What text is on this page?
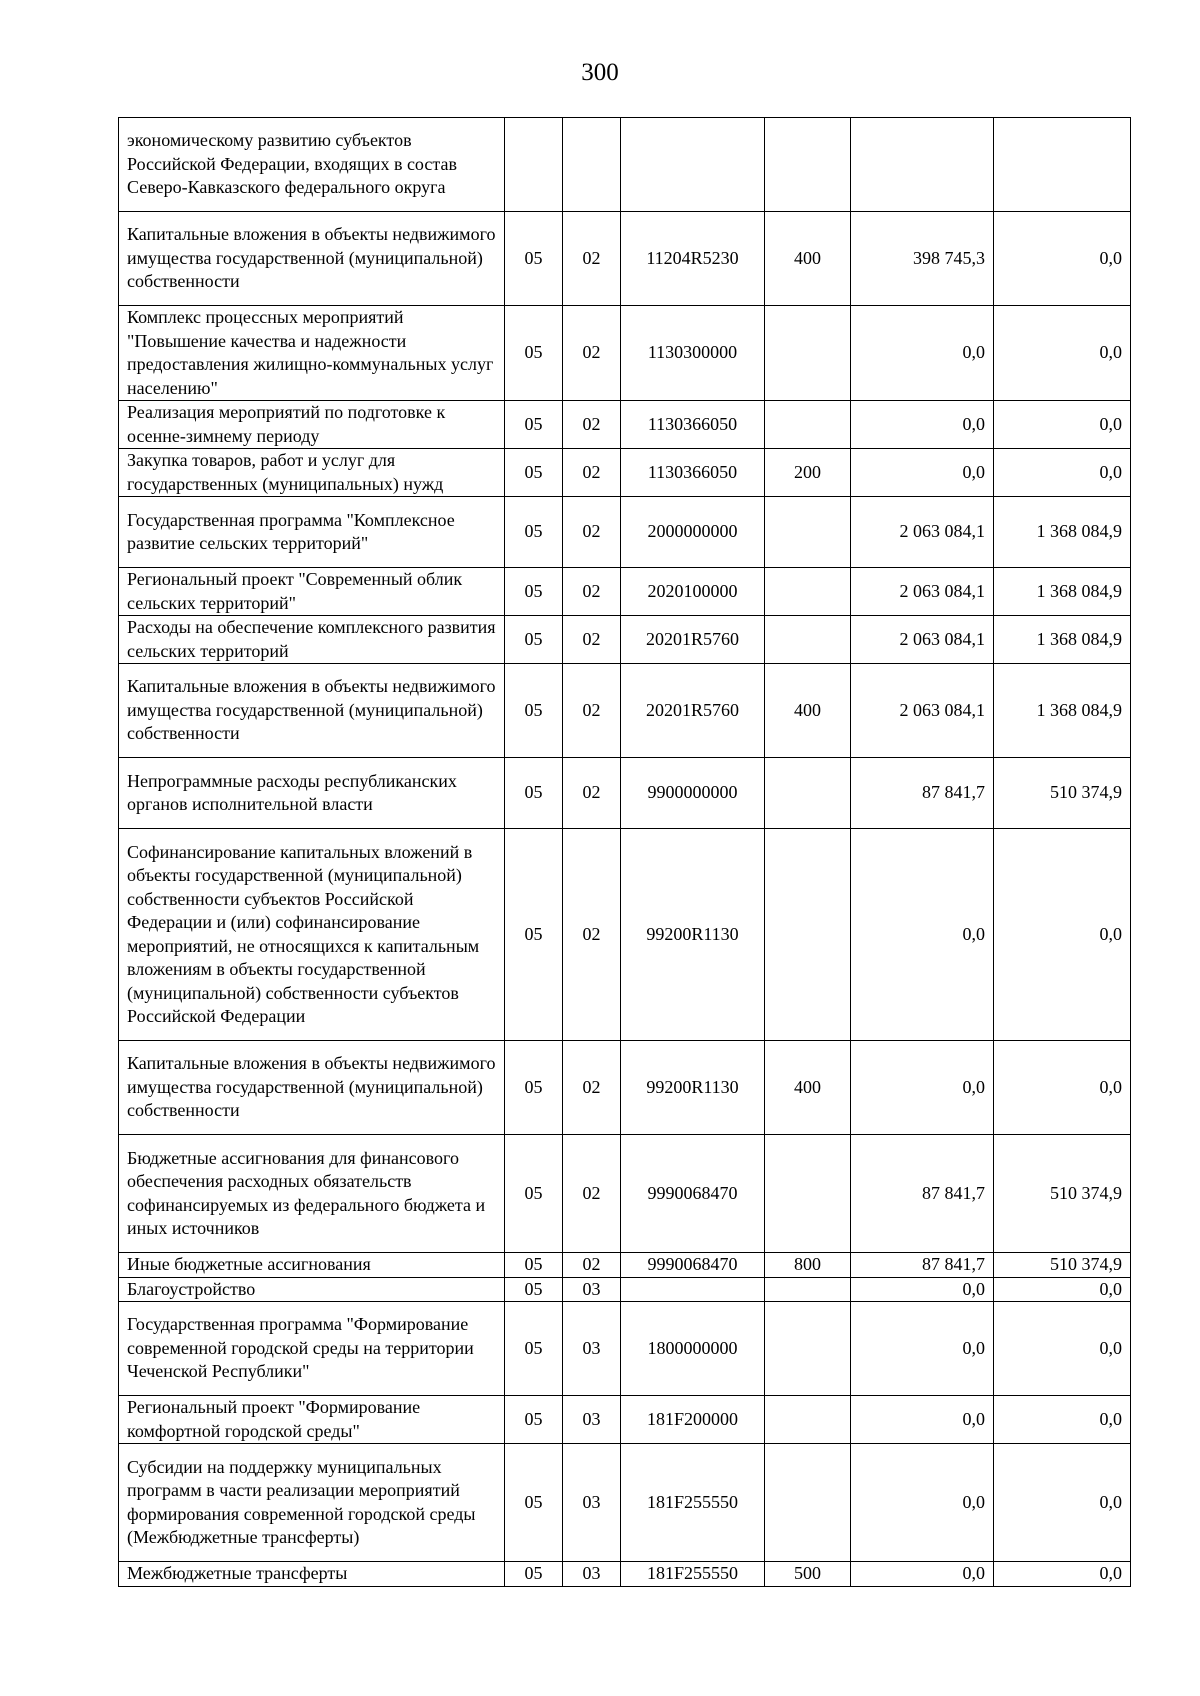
300
экономическому развитию субъектов Российской Федерации, входящих в состав Северо-Кавказского федерального округа						
Капитальные вложения в объекты недвижимого имущества государственной (муниципальной) собственности	05	02	11204R5230	400	398 745,3	0,0
Комплекс процессных мероприятий "Повышение качества и надежности предоставления жилищно-коммунальных услуг населению"	05	02	1130300000		0,0	0,0
Реализация мероприятий по подготовке к осенне-зимнему периоду	05	02	1130366050		0,0	0,0
Закупка товаров, работ и услуг для государственных (муниципальных) нужд	05	02	1130366050	200	0,0	0,0
Государственная программа "Комплексное развитие сельских территорий"	05	02	2000000000		2 063 084,1	1 368 084,9
Региональный проект "Современный облик сельских территорий"	05	02	2020100000		2 063 084,1	1 368 084,9
Расходы на обеспечение комплексного развития сельских территорий	05	02	20201R5760		2 063 084,1	1 368 084,9
Капитальные вложения в объекты недвижимого имущества государственной (муниципальной) собственности	05	02	20201R5760	400	2 063 084,1	1 368 084,9
Непрограммные расходы республиканских органов исполнительной власти	05	02	9900000000		87 841,7	510 374,9
Софинансирование капитальных вложений в объекты государственной (муниципальной) собственности субъектов Российской Федерации и (или) софинансирование мероприятий, не относящихся к капитальным вложениям в объекты государственной (муниципальной) собственности субъектов Российской Федерации	05	02	99200R1130		0,0	0,0
Капитальные вложения в объекты недвижимого имущества государственной (муниципальной) собственности	05	02	99200R1130	400	0,0	0,0
Бюджетные ассигнования для финансового обеспечения расходных обязательств софинансируемых из федерального бюджета и иных источников	05	02	9990068470		87 841,7	510 374,9
Иные бюджетные ассигнования	05	02	9990068470	800	87 841,7	510 374,9
Благоустройство	05	03			0,0	0,0
Государственная программа "Формирование современной городской среды на территории Чеченской Республики"	05	03	1800000000		0,0	0,0
Региональный проект "Формирование комфортной городской среды"	05	03	181F200000		0,0	0,0
Субсидии на поддержку муниципальных программ в части реализации мероприятий формирования современной городской среды (Межбюджетные трансферты)	05	03	181F255550		0,0	0,0
Межбюджетные трансферты	05	03	181F255550	500	0,0	0,0
